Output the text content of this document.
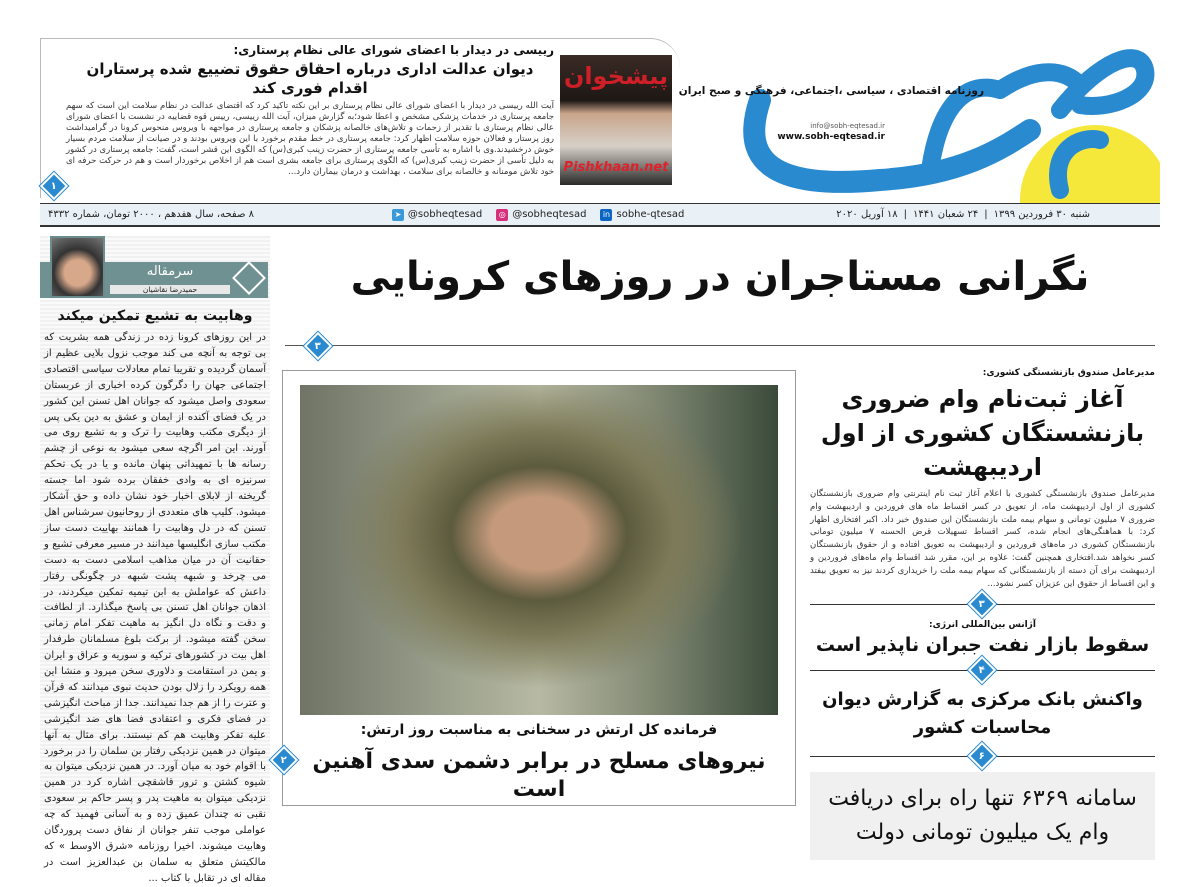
رییسی در دیدار با اعضای شورای عالی نظام پرستاری:
دیوان عدالت اداری درباره احقاق حقوق تضییع شده پرستاران اقدام فوری کند
آیت الله رییسی در دیدار با اعضای شورای عالی نظام پرستاری بر این نکته تاکید کرد که اقتضای عدالت در نظام سلامت این است که سهم جامعه پرستاری در خدمات پزشکی مشخص و اعطا شود؛به گزارش میزان، آیت الله رییسی، رییس قوه قضاییه در نشست با اعضای شورای عالی نظام پرستاری با تقدیر از زحمات و تلاش‌های خالصانه پزشکان و جامعه پرستاری در مواجهه با ویروس منحوس کرونا در گرامیداشت روز پرستار و فعالان حوزه سلامت اظهار کرد: جامعه پرستاری در خط مقدم برخورد با این ویروس بودند و در صیانت از سلامت مردم بسیار خوش درخشیدند.وی با اشاره به تأسی جامعه پرستاری از حضرت زینب کبری(س) که الگوی این قشر است، گفت: جامعه پرستاری در کشور به دلیل تأسی از حضرت زینب کبری(س) که الگوی پرستاری برای جامعه بشری است هم از اخلاص برخوردار است و هم در حرکت حرفه ای خود تلاش مومنانه و خالصانه برای سلامت ، بهداشت و درمان بیماران دارد...
پیشخوان
Pishkhaan.net
۱
روزنامه اقتصادی ، سیاسی ،اجتماعی، فرهنگی و صبح ایران
info@sobh-eqtesad.ir
www.sobh-eqtesad.ir
۸ صفحه، سال هفدهم ، ۲۰۰۰ تومان، شماره ۴۳۳۲	➤ @sobheqtesad	◎ @sobheqtesad in sobhe-qtesad	شنبه ۳۰ فروردین ۱۳۹۹
|
۲۴ شعبان ۱۴۴۱
|
۱۸ آوریل ۲۰۲۰
سرمقاله
حمیدرضا نقاشیان
وهابیت به تشیع تمکین میکند
در این روزهای کرونا زده در زندگی همه بشریت که بی توجه به آنچه می کند موجب نزول بلایی عظیم از آسمان گردیده و تقریبا تمام معادلات سیاسی اقتصادی اجتماعی جهان را دگرگون کرده اخباری از عربستان سعودی واصل میشود که جوانان اهل تسنن این کشور در یک فضای آکنده از ایمان و عشق به دین یکی پس از دیگری مکتب وهابیت را ترک و به تشیع روی می آورند. این امر اگرچه سعی میشود به نوعی از چشم رسانه ها با تمهیداتی پنهان مانده و یا در یک تحکم سرنیزه ای به وادی خفقان برده شود اما جسته گریخته از لابلای اخبار خود نشان داده و حق آشکار میشود. کلیپ های متعددی از روحانیون سرشناس اهل تسنن که در دل وهابیت را همانند بهاییت دست ساز مکتب سازی انگلیسها میدانند در مسیر معرفی تشیع و حقانیت آن در میان مذاهب اسلامی دست به دست می چرخد و شبهه پشت شبهه در چگونگی رفتار داعش که عواملش به ابن تیمیه تمکین میکردند، در اذهان جوانان اهل تسنن بی پاسخ میگذارد. از لطافت و دقت و نگاه دل انگیز به ماهیت تفکر امام زمانی سخن گفته میشود. از برکت بلوغ مسلمانان طرفدار اهل بیت در کشورهای ترکیه و سوریه و عراق و ایران و یمن در استقامت و دلاوری سخن میرود و منشا این همه رویکرد را زلال بودن حدیث نبوی میدانند که قرآن و عترت را از هم جدا نمیدانند. جدا از مباحث انگیزشی در فضای فکری و اعتقادی فضا های ضد انگیزشی علیه تفکر وهابیت هم کم نیستند. برای مثال به آنها میتوان در همین نزدیکی رفتار بن سلمان را در برخورد با اقوام خود به میان آورد. در همین نزدیکی میتوان به شیوه کشتن و ترور قاشقچی اشاره کرد در همین نزدیکی میتوان به ماهیت پدر و پسر حاکم بر سعودی نقبی نه چندان عمیق زده و به آسانی فهمید که چه عواملی موجب تنفر جوانان از نفاق دست پروردگان وهابیت میشوند. اخیرا روزنامه «شرق الاوسط » که مالکیتش متعلق به سلمان بن عبدالعزیز است در مقاله ای در تقابل با کتاب ...
نگرانی مستاجران در روزهای کرونایی
۳
فرمانده کل ارتش در سخنانی به مناسبت روز ارتش:
نیروهای مسلح در برابر دشمن سدی آهنین است
۲
مدیرعامل صندوق بازنشستگی کشوری:
آغاز ثبت‌نام وام ضروری بازنشستگان کشوری از اول اردیبهشت
مدیرعامل صندوق بازنشستگی کشوری با اعلام آغاز ثبت نام اینترنتی وام ضروری بازنشستگان کشوری از اول اردیبهشت ماه، از تعویق در کسر اقساط ماه های فروردین و اردیبهشت وام ضروری ۷ میلیون تومانی و سهام بیمه ملت بازنشستگان این صندوق خبر داد. اکبر افتخاری اظهار کرد: با هماهنگی‌های انجام شده، کسر اقساط تسهیلات قرض الحسنه ۷ میلیون تومانی بازنشستگان کشوری در ماه‌های فروردین و اردیبهشت به تعویق افتاده و از حقوق بازنشستگان کسر نخواهد شد.افتخاری همچنین گفت: علاوه بر این، مقرر شد اقساط وام ماه‌های فروردین و اردیبهشت برای آن دسته از بازنشستگانی که سهام بیمه ملت را خریداری کردند نیز به تعویق بیفتد و این اقساط از حقوق این عزیزان کسر نشود...
۳
آژانس بین‌المللی انرژی:
سقوط بازار نفت جبران ناپذیر است
۴
واکنش بانک مرکزی به گزارش دیوان محاسبات کشور
۶
سامانه ۶۳۶۹ تنها راه برای دریافت وام یک میلیون تومانی دولت
